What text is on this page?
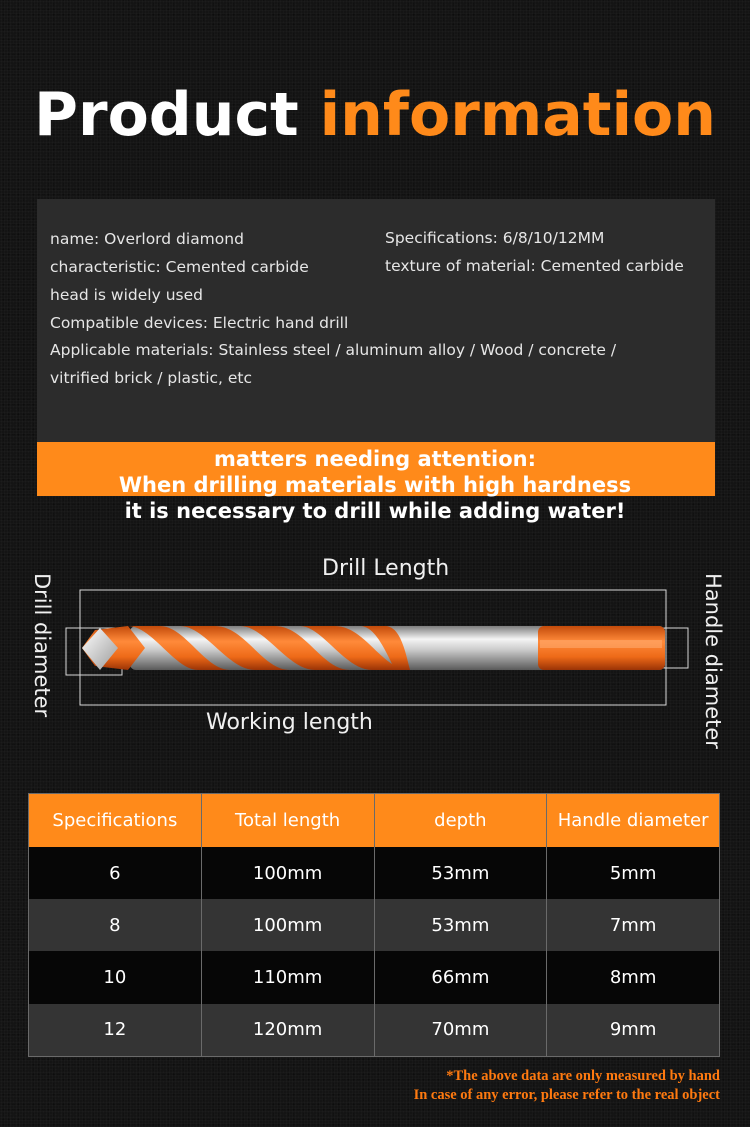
Product information
name: Overlord diamond
characteristic: Cemented carbide
head is widely used
Compatible devices: Electric hand drill
Applicable materials: Stainless steel / aluminum alloy / Wood / concrete /
vitrified brick / plastic, etc
Specifications: 6/8/10/12MM
texture of material: Cemented carbide
matters needing attention:
When drilling materials with high hardness
it is necessary to drill while adding water!
Drill Length
Working length
Drill diameter	Handle diameter
Specifications	Total length	depth	Handle diameter
6	100mm	53mm	5mm
8	100mm	53mm	7mm
10	110mm	66mm	8mm
12	120mm	70mm	9mm
*The above data are only measured by hand
In case of any error, please refer to the real object
